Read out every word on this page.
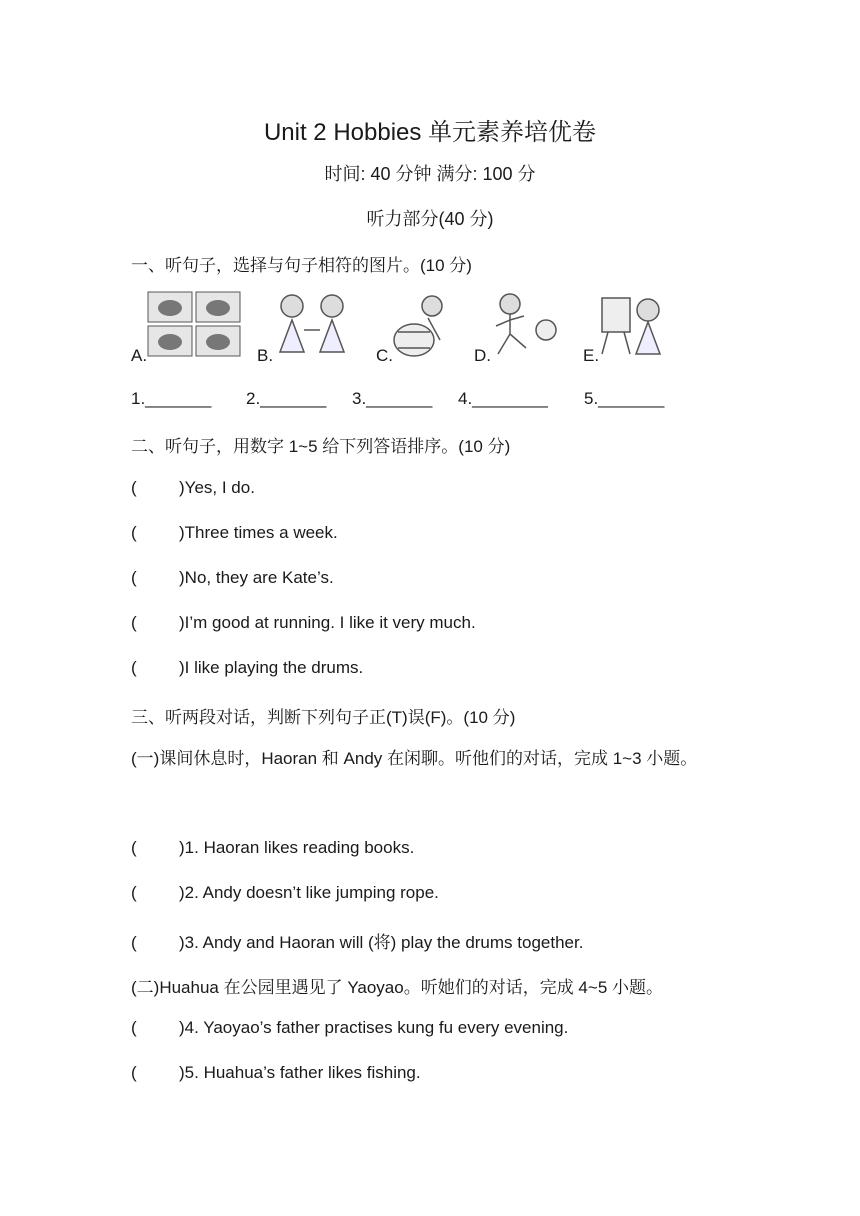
Unit 2 Hobbies 单元素养培优卷
时间: 40 分钟 满分: 100 分
听力部分(40 分)
一、听句子，选择与句子相符的图片。(10 分)
A.	B.	C.	D.	E.
1._______ 2._______ 3._______ 4.________ 5._______
二、听句子，用数字 1~5 给下列答语排序。(10 分)
( )Yes, I do.
( )Three times a week.
( )No, they are Kate’s.
( )I’m good at running. I like it very much.
( )I like playing the drums.
三、听两段对话，判断下列句子正(T)误(F)。(10 分)
(一)课间休息时，Haoran 和 Andy 在闲聊。听他们的对话，完成 1~3 小题。
( )1. Haoran likes reading books.
( )2. Andy doesn’t like jumping rope.
( )3. Andy and Haoran will (将) play the drums together.
(二)Huahua 在公园里遇见了 Yaoyao。听她们的对话，完成 4~5 小题。
( )4. Yaoyao’s father practises kung fu every evening.
( )5. Huahua’s father likes fishing.
